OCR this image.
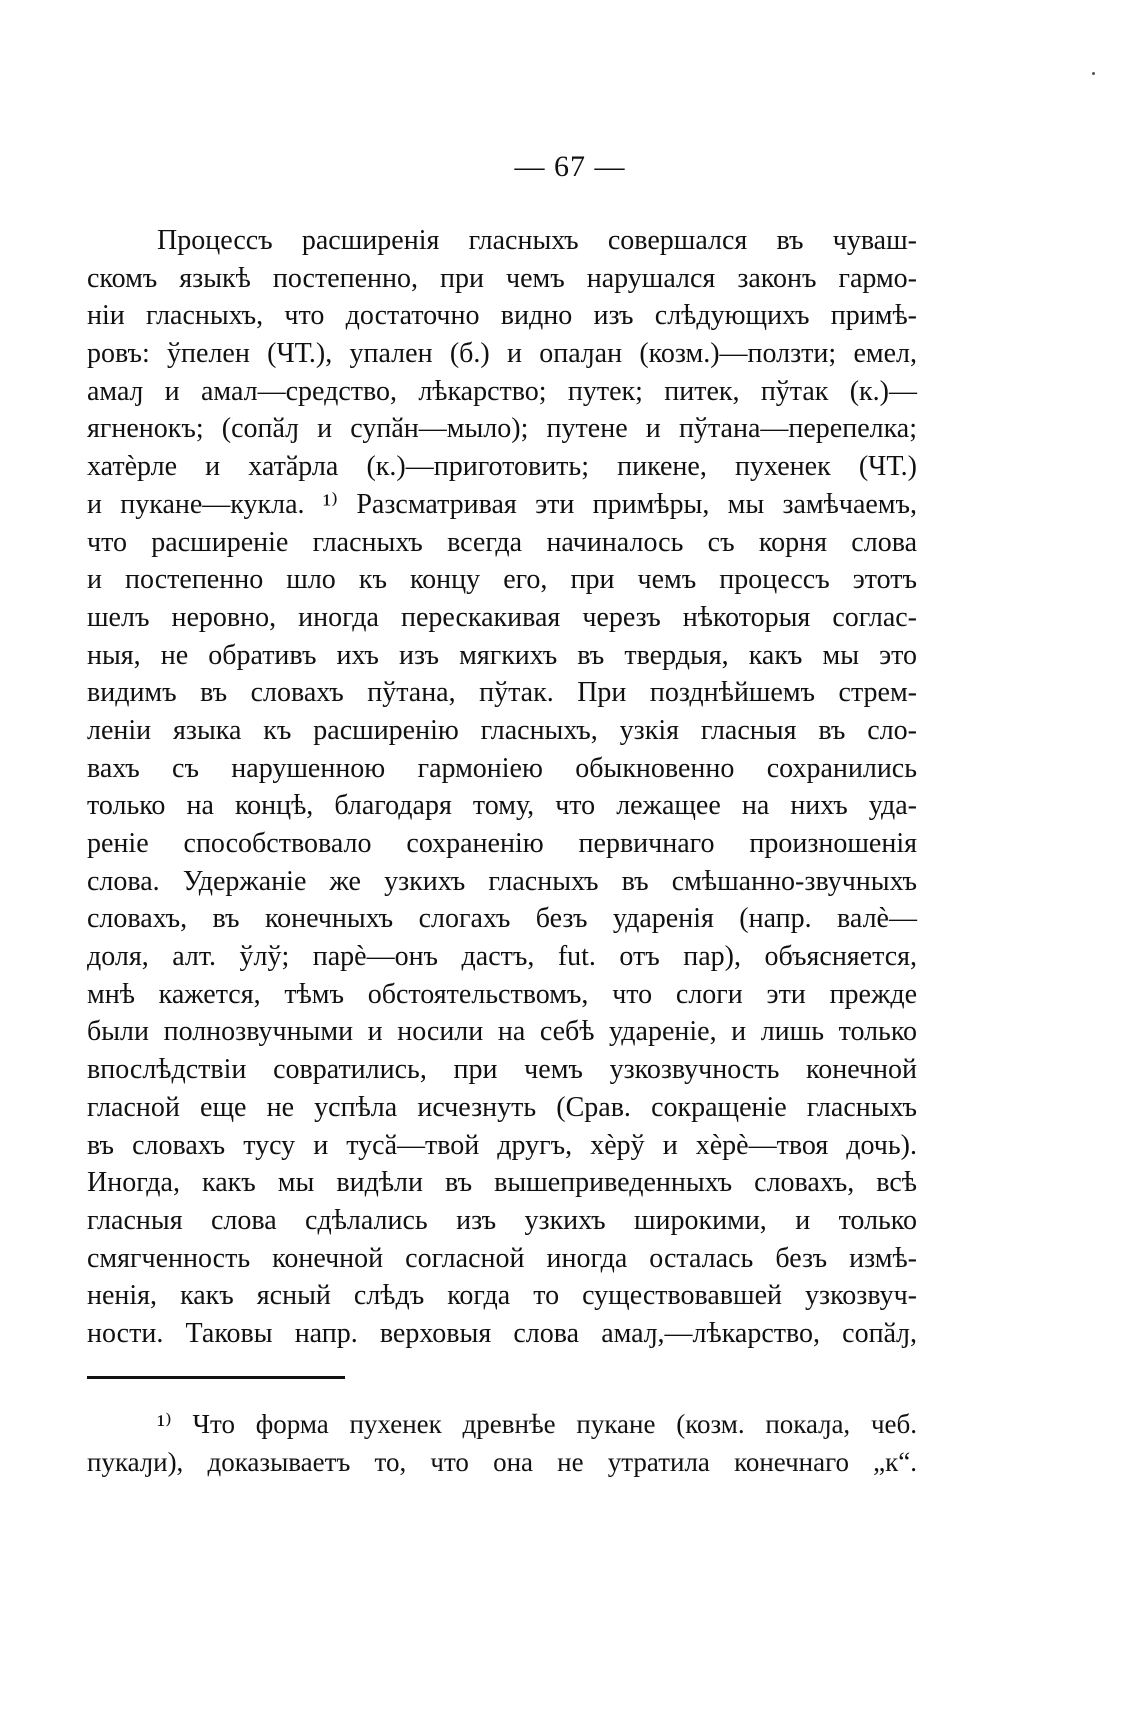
— 67 —
Процессъ расширенія гласныхъ совершался въ чуваш-
скомъ языкѣ постепенно, при чемъ нарушался законъ гармо-
ніи гласныхъ, что достаточно видно изъ слѣдующихъ примѣ-
ровъ: ўпелен (ЧТ.), упален (б.) и опаԓан (козм.)—ползти; емел,
амаԓ и амал—средство, лѣкарство; путек; питек, пўтак (к.)—
ягненокъ; (сопӑԓ и супӑн—мыло); путене и пўтана—перепелка;
хатѐрле и хатӑрла (к.)—приготовить; пикене, пухенек (ЧТ.)
и пукане—кукла. ¹⁾ Разсматривая эти примѣры, мы замѣчаемъ,
что расширеніе гласныхъ всегда начиналось съ корня слова
и постепенно шло къ концу его, при чемъ процессъ этотъ
шелъ неровно, иногда перескакивая черезъ нѣкоторыя соглас-
ныя, не обративъ ихъ изъ мягкихъ въ твердыя, какъ мы это
видимъ въ словахъ пўтана, пўтак. При позднѣйшемъ стрем-
леніи языка къ расширенію гласныхъ, узкія гласныя въ сло-
вахъ съ нарушенною гармоніею обыкновенно сохранились
только на концѣ, благодаря тому, что лежащее на нихъ уда-
реніе способствовало сохраненію первичнаго произношенія
слова. Удержаніе же узкихъ гласныхъ въ смѣшанно-звучныхъ
словахъ, въ конечныхъ слогахъ безъ ударенія (напр. валѐ—
доля, алт. ўлў; парѐ—онъ дастъ, fut. отъ пар), объясняется,
мнѣ кажется, тѣмъ обстоятельствомъ, что слоги эти прежде
были полнозвучными и носили на себѣ удареніе, и лишь только
впослѣдствіи совратились, при чемъ узкозвучность конечной
гласной еще не успѣла исчезнуть (Срав. сокращеніе гласныхъ
въ словахъ тусу и тусӑ—твой другъ, хѐрў и хѐрѐ—твоя дочь).
Иногда, какъ мы видѣли въ вышеприведенныхъ словахъ, всѣ
гласныя слова сдѣлались изъ узкихъ широкими, и только
смягченность конечной согласной иногда осталась безъ измѣ-
ненія, какъ ясный слѣдъ когда то существовавшей узкозвуч-
ности. Таковы напр. верховыя слова амаԓ,—лѣкарство, сопӑԓ,
¹⁾ Что форма пухенек древнѣе пукане (козм. покаԓа, чеб.
пукаԓи), доказываетъ то, что она не утратила конечнаго „к“.
